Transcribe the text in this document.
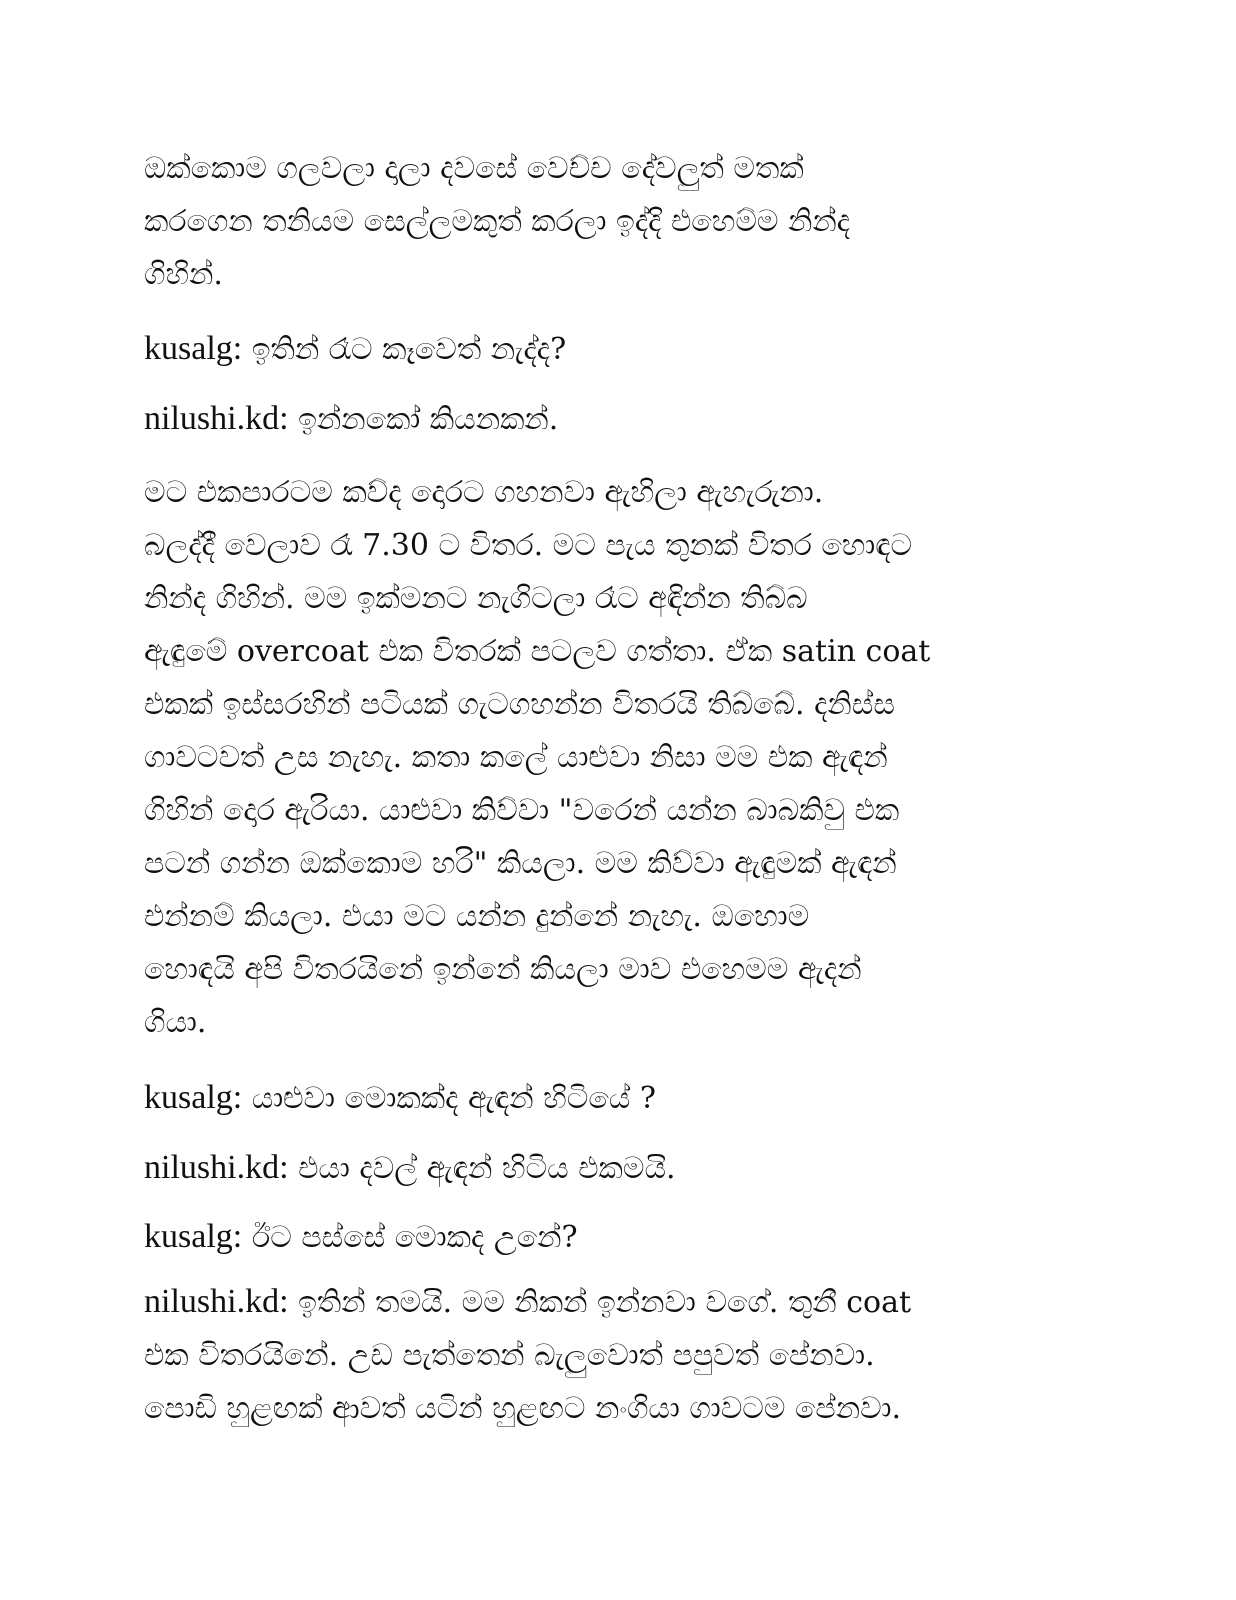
ඔක්කොම ගලවලා දාලා දවසේ වෙච්ච දේවලුත් මතක්
කරගෙන තනියම සෙල්ලමකුත් කරලා ඉද්දි එහෙම්ම නින්ද
ගිහින්.

kusalg: ඉතින් රෑට කෑවෙත් නැද්ද?

nilushi.kd: ඉන්නකෝ කියනකන්.

මට එකපාරටම කව්ද දොරට ගහනවා ඇහිලා ඇහැරුනා.
බලද්දී වෙලාව රෑ 7.30 ට විතර. මට පැය තුනක් විතර හොඳට
නින්ද ගිහින්. මම ඉක්මනට නැගිටලා රෑට අඳින්න තිබ්බ
ඇඳුමේ overcoat එක විතරක් පටලව ගත්තා. ඒක satin coat
එකක් ඉස්සරහින් පටියක් ගැටගහන්න විතරයි තිබ්බේ. දනිස්ස
ගාවටවත් උස නැහැ. කතා කලේ යාළුවා නිසා මම එක ඇඳන්
ගිහින් දොර ඇරියා. යාළුවා කිව්වා "වරෙන් යන්න බාබකිවු එක
පටන් ගන්න ඔක්කොම හරි" කියලා. මම කිව්වා ඇඳුමක් ඇඳන්
එන්නම් කියලා. එයා මට යන්න දුන්නේ නැහැ. ඔහොම
හොඳයි අපි විතරයිනේ ඉන්නේ කියලා මාව එහෙමම ඇදන්
ගියා.

kusalg: යාළුවා මොකක්ද ඇඳන් හිටියේ ?

nilushi.kd: එයා දවල් ඇඳන් හිටිය එකමයි.

kusalg: ඊට පස්සේ මොකද උනේ?

nilushi.kd: ඉතින් තමයි. මම නිකන් ඉන්නවා වගේ. තුනී coat
එක විතරයිනේ. උඩ පැත්තෙන් බැලුවොත් පපුවත් පේනවා.
පොඩි හුළඟක් ආවත් යටින් හුළඟට නංගියා ගාවටම පේනවා.
